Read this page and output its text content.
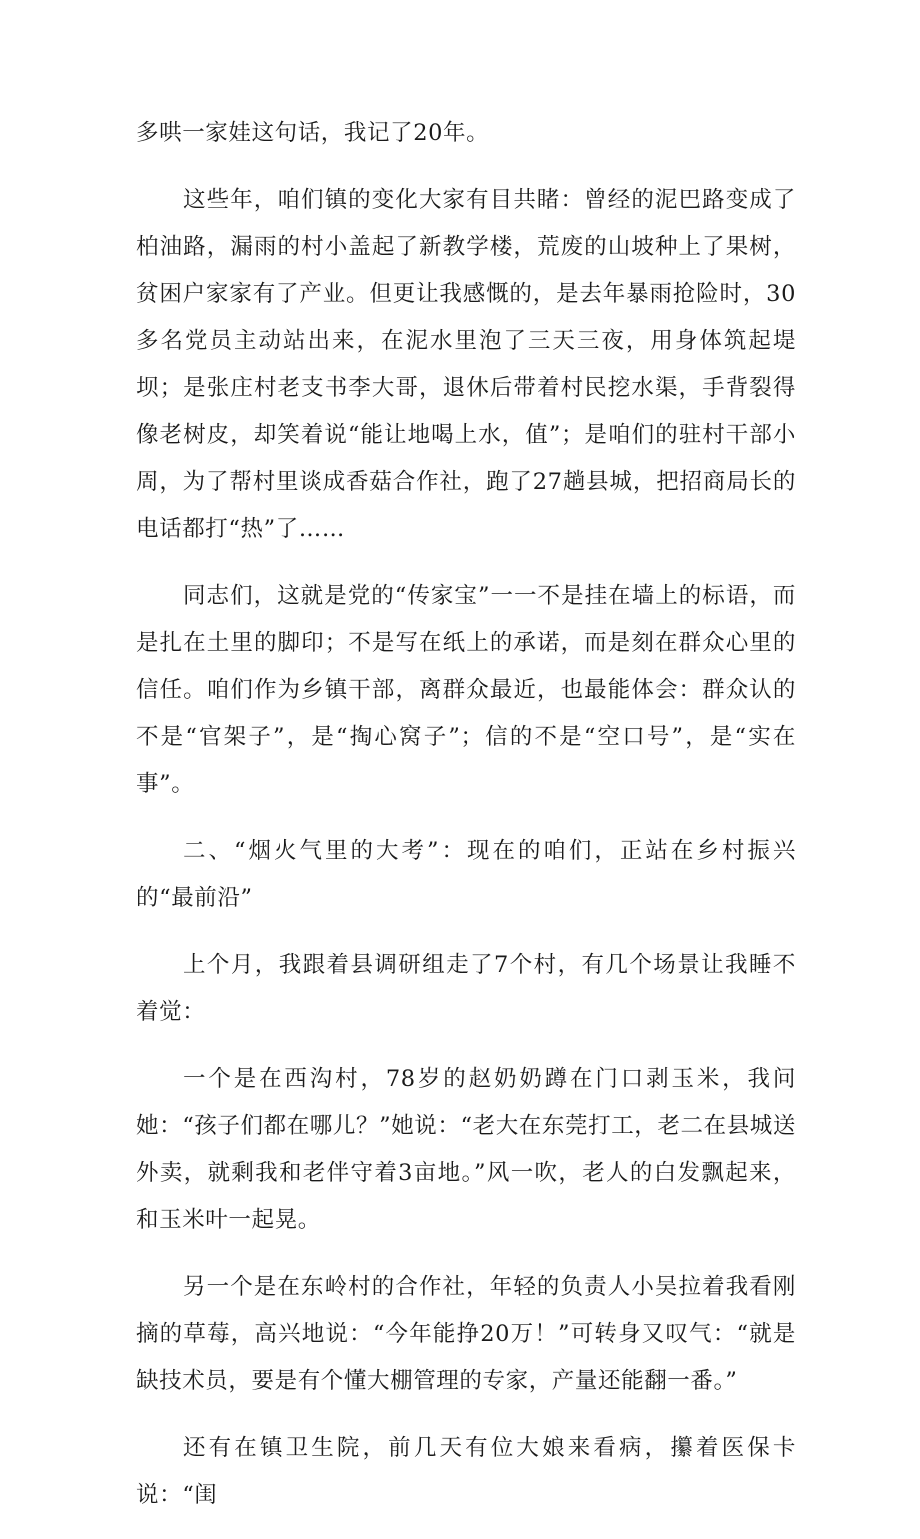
多哄一家娃这句话，我记了20年。

这些年，咱们镇的变化大家有目共睹：曾经的泥巴路变成了柏油路，漏雨的村小盖起了新教学楼，荒废的山坡种上了果树，贫困户家家有了产业。但更让我感慨的，是去年暴雨抢险时，30多名党员主动站出来，在泥水里泡了三天三夜，用身体筑起堤坝；是张庄村老支书李大哥，退休后带着村民挖水渠，手背裂得像老树皮，却笑着说“能让地喝上水，值”；是咱们的驻村干部小周，为了帮村里谈成香菇合作社，跑了27趟县城，把招商局长的电话都打“热”了……

同志们，这就是党的“传家宝”一一不是挂在墙上的标语，而是扎在土里的脚印；不是写在纸上的承诺，而是刻在群众心里的信任。咱们作为乡镇干部，离群众最近，也最能体会：群众认的不是“官架子”，是“掏心窝子”；信的不是“空口号”，是“实在事”。

二、“烟火气里的大考”：现在的咱们，正站在乡村振兴的“最前沿”

上个月，我跟着县调研组走了7个村，有几个场景让我睡不着觉：

一个是在西沟村，78岁的赵奶奶蹲在门口剥玉米，我问她：“孩子们都在哪儿？”她说：“老大在东莞打工，老二在县城送外卖，就剩我和老伴守着3亩地。”风一吹，老人的白发飘起来，和玉米叶一起晃。

另一个是在东岭村的合作社，年轻的负责人小吴拉着我看刚摘的草莓，高兴地说：“今年能挣20万！”可转身又叹气：“就是缺技术员，要是有个懂大棚管理的专家，产量还能翻一番。”

还有在镇卫生院，前几天有位大娘来看病，攥着医保卡说：“闺
